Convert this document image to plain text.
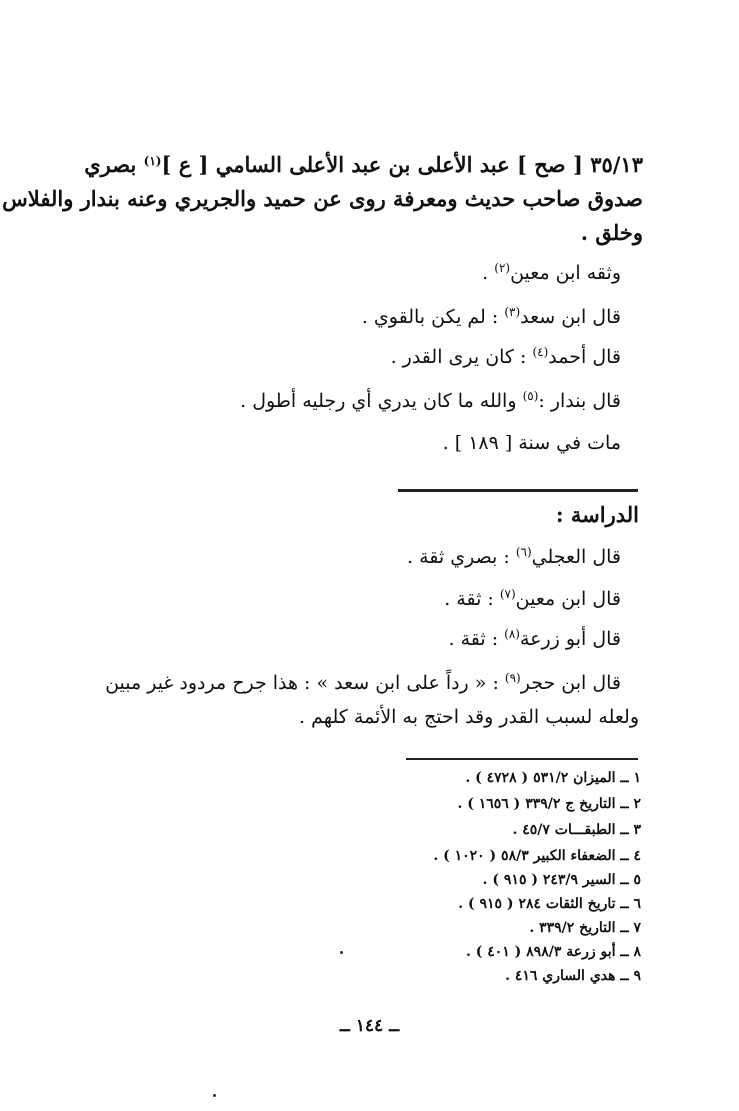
٣٥/١٣ [ صح ] عبد الأعلى بن عبد الأعلى السامي [ ع ]$^{(١)}$ بصري

صدوق صاحب حديث ومعرفة روى عن حميد والجريري وعنه بندار والفلاس

وخلق .

وثقه ابن معين$^{(٢)}$ .

قال ابن سعد$^{(٣)}$ : لم يكن بالقوي .

قال أحمد$^{(٤)}$ : كان يرى القدر .

قال بندار :$^{(٥)}$ والله ما كان يدري أي رجليه أطول .

مات في سنة [ ١٨٩ ] .

الدراسة :

قال العجلي$^{(٦)}$ : بصري ثقة .

قال ابن معين$^{(٧)}$ : ثقة .

قال أبو زرعة$^{(٨)}$ : ثقة .

قال ابن حجر$^{(٩)}$ : « رداً على ابن سعد » : هذا جرح مردود غير مبين

ولعله لسبب القدر وقد احتج به الأئمة كلهم .

١ ــ الميزان ٥٣١/٢ ( ٤٧٢٨ ) .

٢ ــ التاريخ ج ٣٣٩/٢ ( ١٦٥٦ ) .

٣ ــ الطبقـــات ٤٥/٧ .

٤ ــ الضعفاء الكبير ٥٨/٣ ( ١٠٢٠ ) .

٥ ــ السير ٢٤٣/٩ ( ٩١٥ ) .

٦ ــ تاريخ الثقات ٢٨٤ ( ٩١٥ ) .

٧ ــ التاريخ ٣٣٩/٢ .

٨ ــ أبو زرعة ٨٩٨/٣ ( ٤٠١ ) .

٩ ــ هدي الساري ٤١٦ .

ــ ١٤٤ ــ
